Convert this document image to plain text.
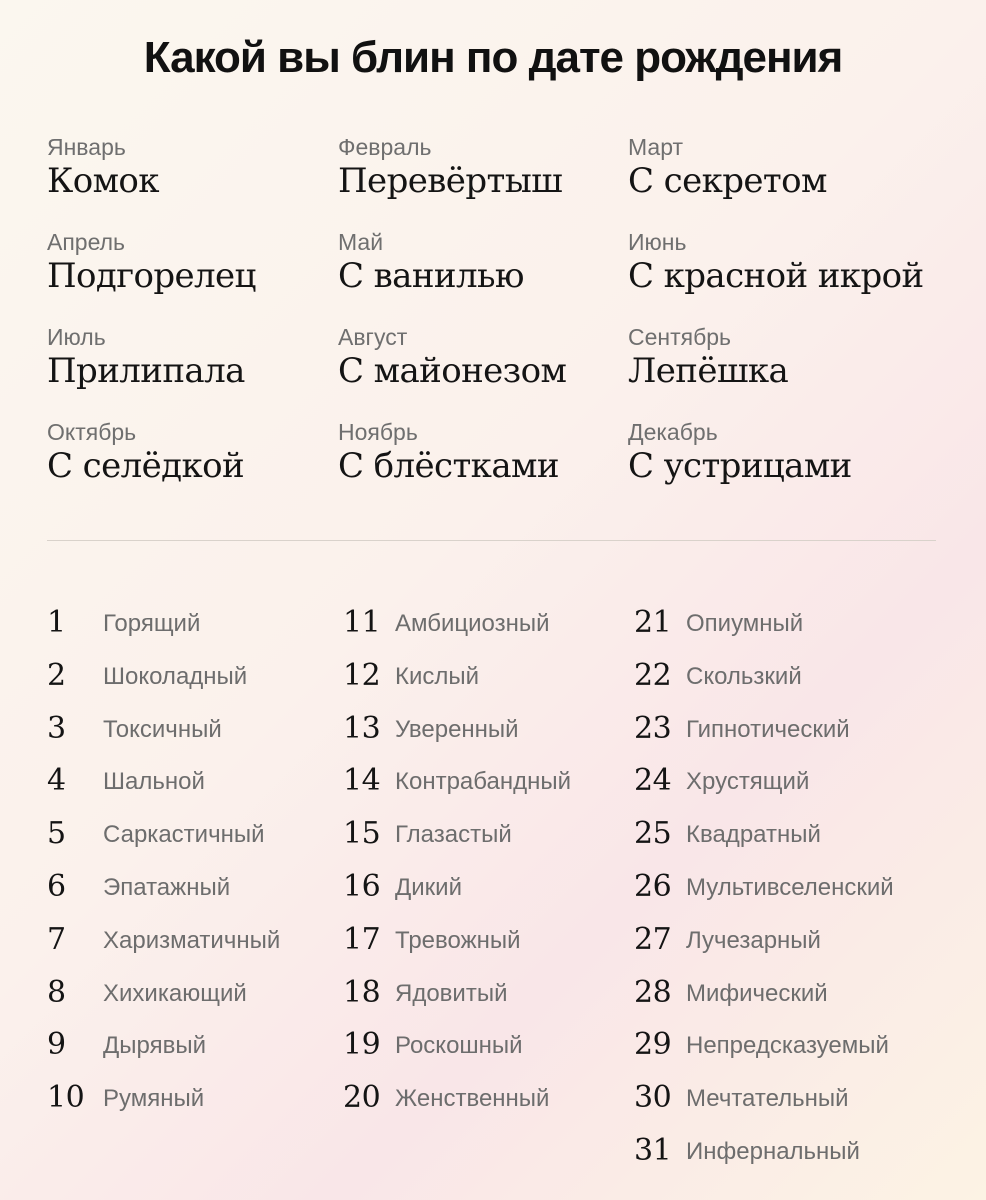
Какой вы блин по дате рождения
Январь
Комок
Февраль
Перевёртыш
Март
С секретом
Апрель
Подгорелец
Май
С ванилью
Июнь
С красной икрой
Июль
Прилипала
Август
С майонезом
Сентябрь
Лепёшка
Октябрь
С селёдкой
Ноябрь
С блёстками
Декабрь
С устрицами
1 Горящий
2 Шоколадный
3 Токсичный
4 Шальной
5 Саркастичный
6 Эпатажный
7 Харизматичный
8 Хихикающий
9 Дырявый
10 Румяный
11 Амбициозный
12 Кислый
13 Уверенный
14 Контрабандный
15 Глазастый
16 Дикий
17 Тревожный
18 Ядовитый
19 Роскошный
20 Женственный
21 Опиумный
22 Скользкий
23 Гипнотический
24 Хрустящий
25 Квадратный
26 Мультивселенский
27 Лучезарный
28 Мифический
29 Непредсказуемый
30 Мечтательный
31 Инфернальный
